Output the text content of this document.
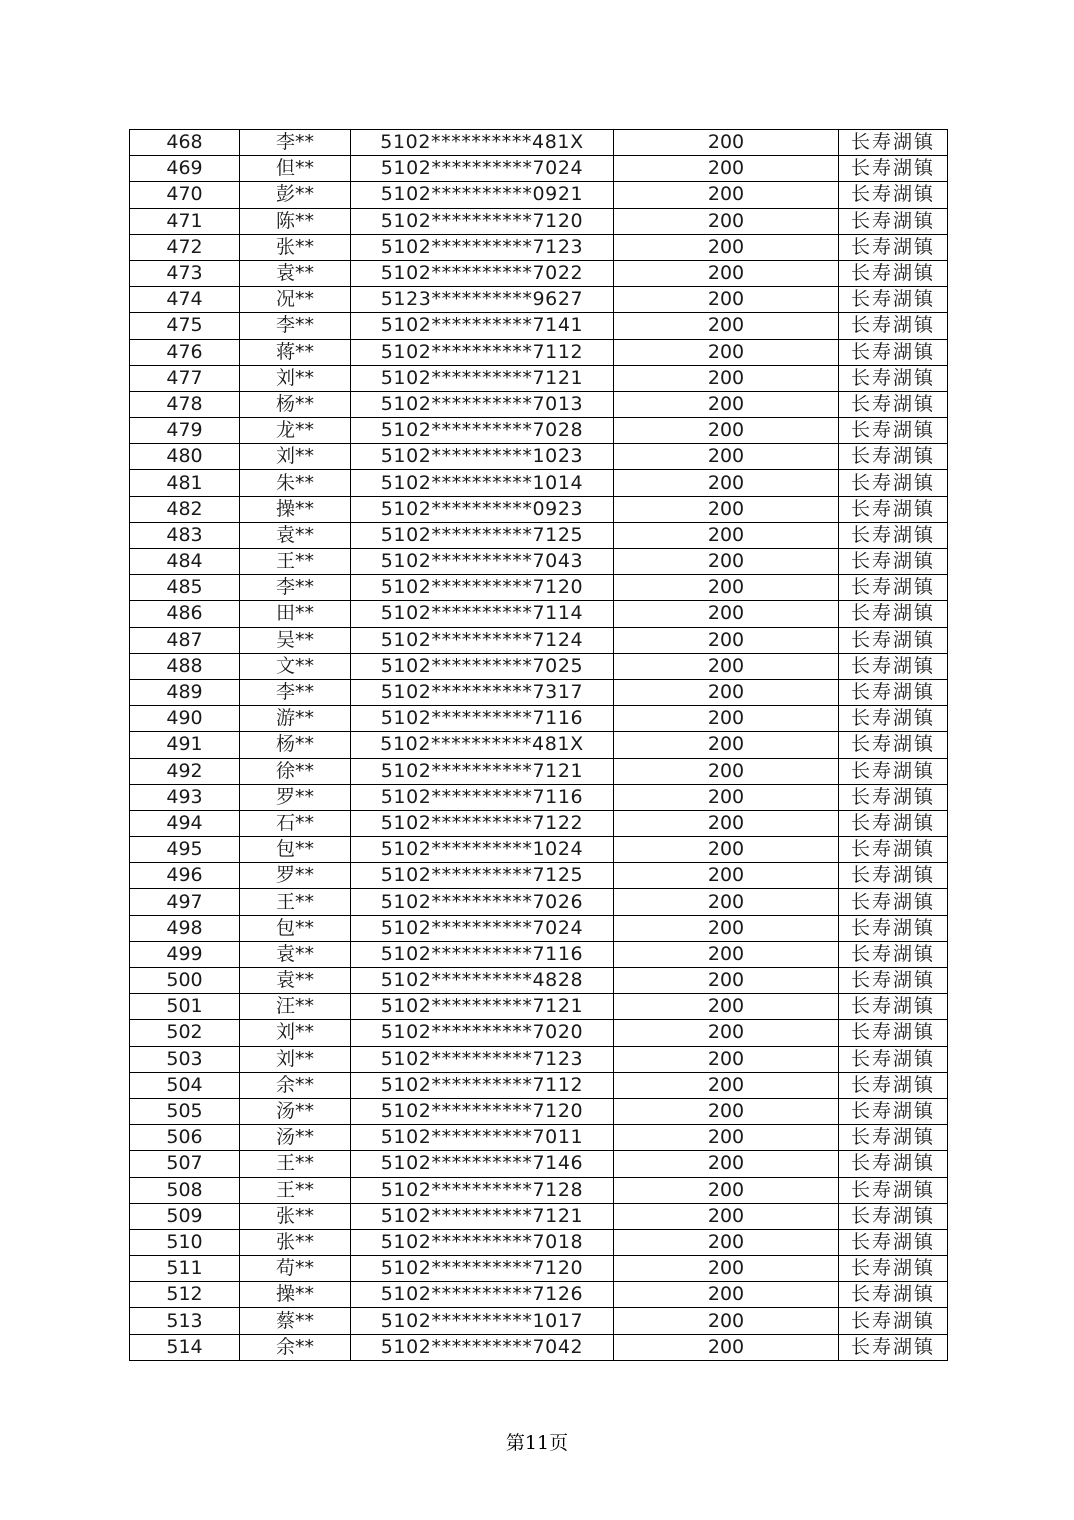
468	李**	5102**********481X	200	长寿湖镇
469	但**	5102**********7024	200	长寿湖镇
470	彭**	5102**********0921	200	长寿湖镇
471	陈**	5102**********7120	200	长寿湖镇
472	张**	5102**********7123	200	长寿湖镇
473	袁**	5102**********7022	200	长寿湖镇
474	况**	5123**********9627	200	长寿湖镇
475	李**	5102**********7141	200	长寿湖镇
476	蒋**	5102**********7112	200	长寿湖镇
477	刘**	5102**********7121	200	长寿湖镇
478	杨**	5102**********7013	200	长寿湖镇
479	龙**	5102**********7028	200	长寿湖镇
480	刘**	5102**********1023	200	长寿湖镇
481	朱**	5102**********1014	200	长寿湖镇
482	操**	5102**********0923	200	长寿湖镇
483	袁**	5102**********7125	200	长寿湖镇
484	王**	5102**********7043	200	长寿湖镇
485	李**	5102**********7120	200	长寿湖镇
486	田**	5102**********7114	200	长寿湖镇
487	吴**	5102**********7124	200	长寿湖镇
488	文**	5102**********7025	200	长寿湖镇
489	李**	5102**********7317	200	长寿湖镇
490	游**	5102**********7116	200	长寿湖镇
491	杨**	5102**********481X	200	长寿湖镇
492	徐**	5102**********7121	200	长寿湖镇
493	罗**	5102**********7116	200	长寿湖镇
494	石**	5102**********7122	200	长寿湖镇
495	包**	5102**********1024	200	长寿湖镇
496	罗**	5102**********7125	200	长寿湖镇
497	王**	5102**********7026	200	长寿湖镇
498	包**	5102**********7024	200	长寿湖镇
499	袁**	5102**********7116	200	长寿湖镇
500	袁**	5102**********4828	200	长寿湖镇
501	汪**	5102**********7121	200	长寿湖镇
502	刘**	5102**********7020	200	长寿湖镇
503	刘**	5102**********7123	200	长寿湖镇
504	余**	5102**********7112	200	长寿湖镇
505	汤**	5102**********7120	200	长寿湖镇
506	汤**	5102**********7011	200	长寿湖镇
507	王**	5102**********7146	200	长寿湖镇
508	王**	5102**********7128	200	长寿湖镇
509	张**	5102**********7121	200	长寿湖镇
510	张**	5102**********7018	200	长寿湖镇
511	苟**	5102**********7120	200	长寿湖镇
512	操**	5102**********7126	200	长寿湖镇
513	蔡**	5102**********1017	200	长寿湖镇
514	余**	5102**********7042	200	长寿湖镇
第11页
